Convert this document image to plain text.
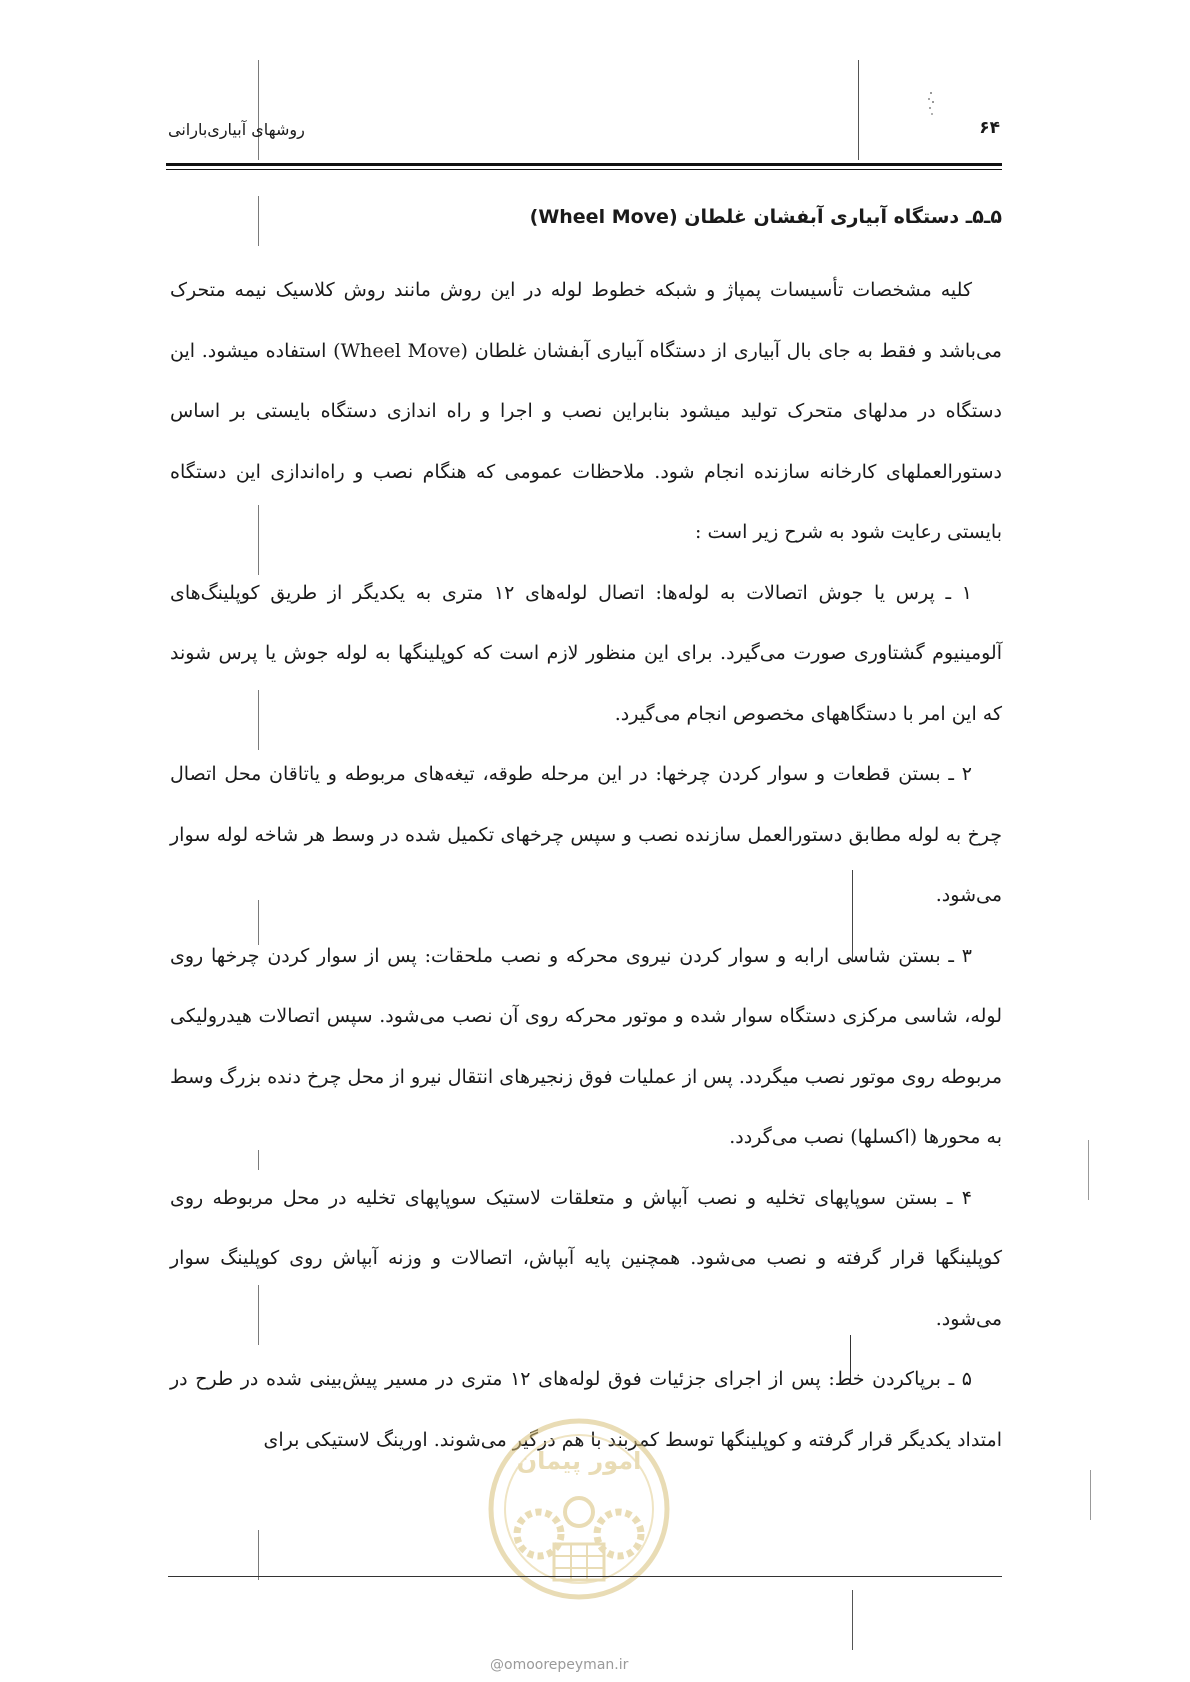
۶۴
روشهای آبیاری‌بارانی
۵ـ۵ـ دستگاه آبیاری آبفشان غلطان (Wheel Move)

کلیه مشخصات تأسیسات پمپاژ و شبکه خطوط لوله در این روش مانند روش کلاسیک نیمه متحرک می‌باشد و فقط به جای بال آبیاری از دستگاه آبیاری آبفشان غلطان (Wheel Move) استفاده میشود. این دستگاه در مدلهای متحرک تولید میشود بنابراین نصب و اجرا و راه اندازی دستگاه بایستی بر اساس دستورالعملهای کارخانه سازنده انجام شود. ملاحظات عمومی که هنگام نصب و راه‌اندازی این دستگاه بایستی رعایت شود به شرح زیر است :

۱ ـ پرس یا جوش اتصالات به لوله‌ها: اتصال لوله‌های ۱۲ متری به یکدیگر از طریق کوپلینگ‌های آلومینیوم گشتاوری صورت می‌گیرد. برای این منظور لازم است که کوپلینگها به لوله جوش یا پرس شوند که این امر با دستگاههای مخصوص انجام می‌گیرد.

۲ ـ بستن قطعات و سوار کردن چرخها: در این مرحله طوقه، تیغه‌های مربوطه و یاتاقان محل اتصال چرخ به لوله مطابق دستورالعمل سازنده نصب و سپس چرخهای تکمیل شده در وسط هر شاخه لوله سوار می‌شود.

۳ ـ بستن شاسی ارابه و سوار کردن نیروی محرکه و نصب ملحقات: پس از سوار کردن چرخها روی لوله، شاسی مرکزی دستگاه سوار شده و موتور محرکه روی آن نصب می‌شود. سپس اتصالات هیدرولیکی مربوطه روی موتور نصب میگردد. پس از عملیات فوق زنجیرهای انتقال نیرو از محل چرخ دنده بزرگ وسط به محورها (اکسلها) نصب می‌گردد.

۴ ـ بستن سوپاپهای تخلیه و نصب آبپاش و متعلقات لاستیک سوپاپهای تخلیه در محل مربوطه روی کوپلینگها قرار گرفته و نصب می‌شود. همچنین پایه آبپاش، اتصالات و وزنه آبپاش روی کوپلینگ سوار می‌شود.

۵ ـ برپاکردن خط: پس از اجرای جزئیات فوق لوله‌های ۱۲ متری در مسیر پیش‌بینی شده در طرح در امتداد یکدیگر قرار گرفته و کوپلینگها توسط کمربند با هم درگیر می‌شوند. اورینگ لاستیکی برای

امور پیمان
@omoorepeyman.ir
